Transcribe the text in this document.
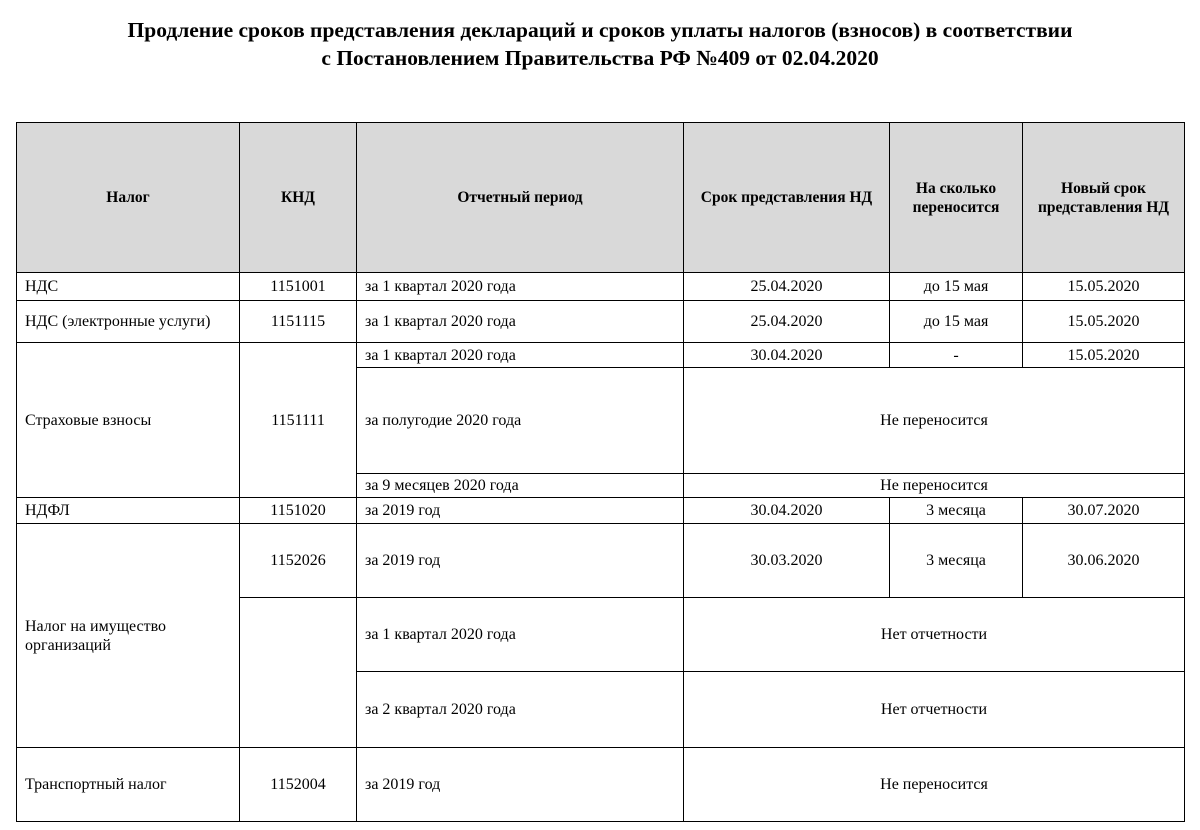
Продление сроков представления деклараций и сроков уплаты налогов (взносов) в соответствии
с Постановлением Правительства РФ №409 от 02.04.2020
Налог	КНД	Отчетный период	Срок представления НД	На сколько переносится	Новый срок представления НД
НДС	1151001	за 1 квартал 2020 года	25.04.2020	до 15 мая	15.05.2020
НДС (электронные услуги)	1151115	за 1 квартал 2020 года	25.04.2020	до 15 мая	15.05.2020
Страховые взносы	1151111	за 1 квартал 2020 года	30.04.2020	-	15.05.2020
		за полугодие 2020 года	Не переносится		
		за 9 месяцев 2020 года	Не переносится		
НДФЛ	1151020	за 2019 год	30.04.2020	3 месяца	30.07.2020
Налог на имущество организаций	1152026	за 2019 год	30.03.2020	3 месяца	30.06.2020
		за 1 квартал 2020 года	Нет отчетности		
		за 2 квартал 2020 года	Нет отчетности		
Транспортный налог	1152004	за 2019 год	Не переносится		
